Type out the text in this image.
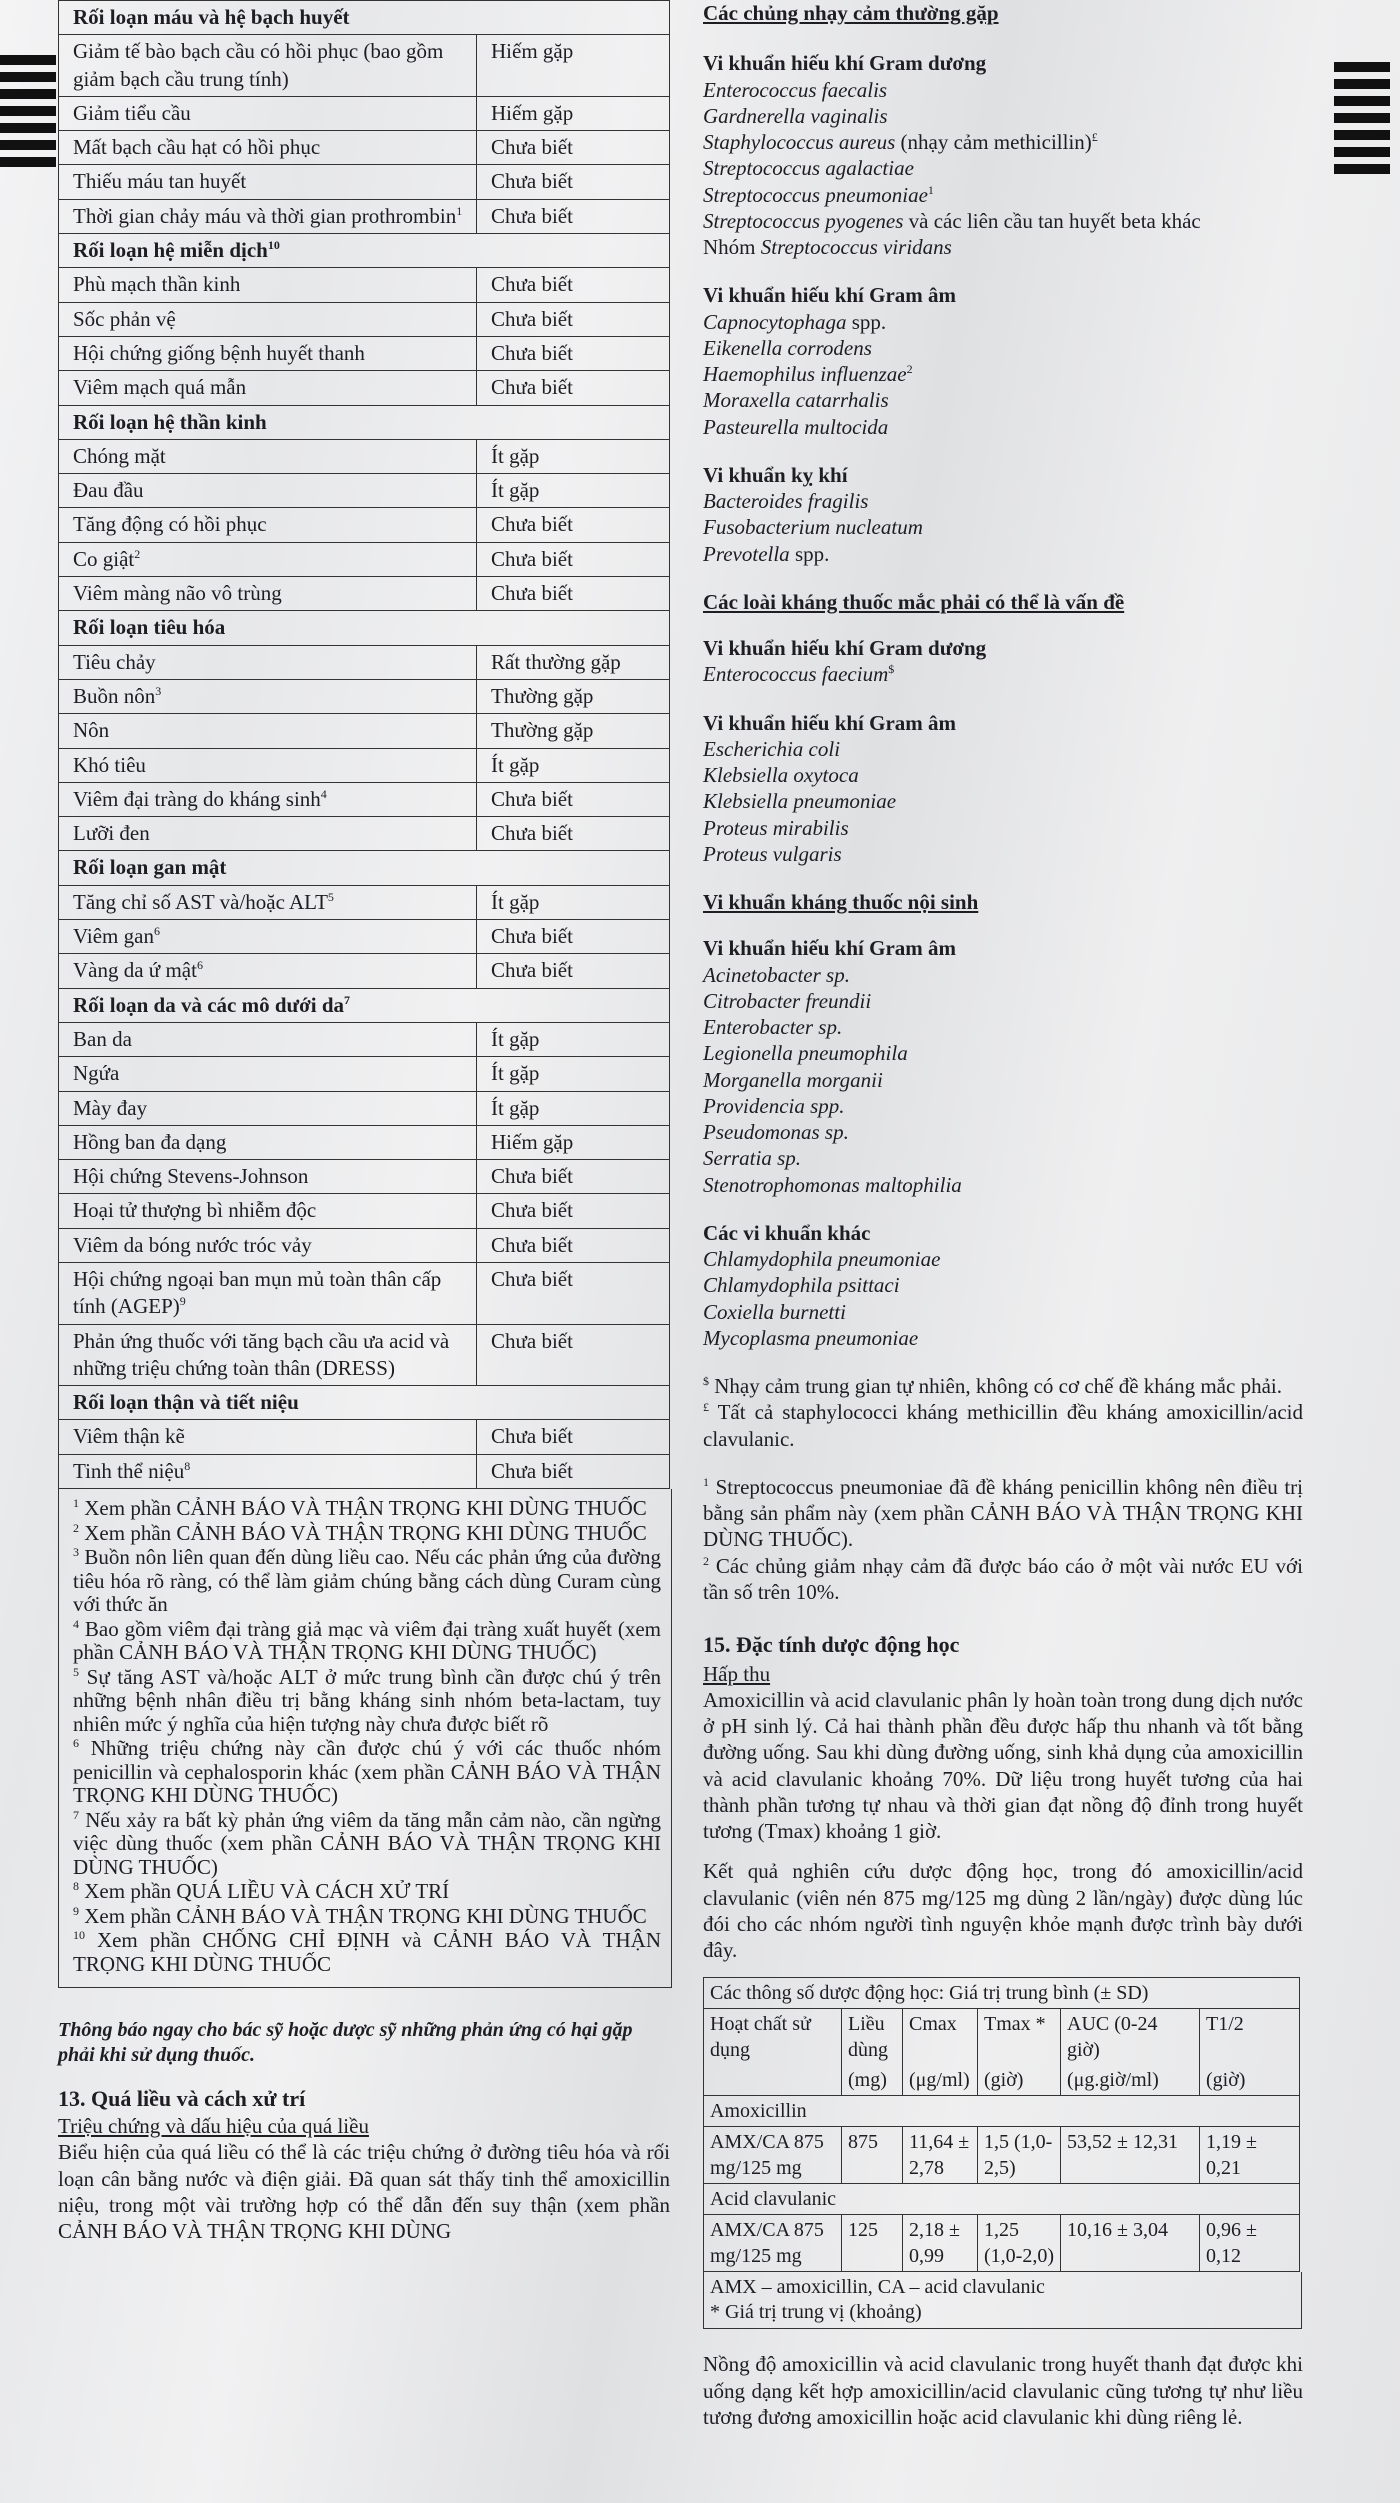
Rối loạn máu và hệ bạch huyết	
Giảm tế bào bạch cầu có hồi phục (bao gồm giảm bạch cầu trung tính)	Hiếm gặp
Giảm tiểu cầu	Hiếm gặp
Mất bạch cầu hạt có hồi phục	Chưa biết
Thiếu máu tan huyết	Chưa biết
Thời gian chảy máu và thời gian prothrombin$^1$	Chưa biết
Rối loạn hệ miễn dịch$^{10}$
Phù mạch thần kinh	Chưa biết
Sốc phản vệ	Chưa biết
Hội chứng giống bệnh huyết thanh	Chưa biết
Viêm mạch quá mẫn	Chưa biết
Rối loạn hệ thần kinh	
Chóng mặt	Ít gặp
Đau đầu	Ít gặp
Tăng động có hồi phục	Chưa biết
Co giật$^2$	Chưa biết
Viêm màng não vô trùng	Chưa biết
Rối loạn tiêu hóa	
Tiêu chảy	Rất thường gặp
Buồn nôn$^3$	Thường gặp
Nôn	Thường gặp
Khó tiêu	Ít gặp
Viêm đại tràng do kháng $\sinh^4$	Chưa biết
Lưỡi đen	Chưa biết
Rối loạn gan mật	
Tăng chỉ số AST và/hoặc ALT$^5$	Ít gặp
Viêm gan$^6$	Chưa biết
Vàng da ứ mật$^6$	Chưa biết
Rối loạn da và các mô dưới $da^7$
Ban da	Ít gặp
Ngứa	Ít gặp
Mày đay	Ít gặp
Hồng ban đa dạng	Hiếm gặp
Hội chứng Stevens-Johnson	Chưa biết
Hoại tử thượng bì nhiễm độc	Chưa biết
Viêm da bóng nước tróc vảy	Chưa biết
Hội chứng ngoại ban mụn mủ toàn thân cấp tính (AGEP)$^9$	Chưa biết
Phản ứng thuốc với tăng bạch cầu ưa acid và những triệu chứng toàn thân (DRESS)	Chưa biết
Rối loạn thận và tiết niệu	
Viêm thận kẽ	Chưa biết
Tinh thể niệu$^8$	Chưa biết
$^1$ Xem phần CẢNH BÁO VÀ THẬN TRỌNG KHI DÙNG THUỐC
$^2$ Xem phần CẢNH BÁO VÀ THẬN TRỌNG KHI DÙNG THUỐC
$^3$ Buồn nôn liên quan đến dùng liều cao. Nếu các phản ứng của đường tiêu hóa rõ ràng, có thể làm giảm chúng bằng cách dùng Curam cùng với thức ăn
$^4$ Bao gồm viêm đại tràng giả mạc và viêm đại tràng xuất huyết (xem phần CẢNH BÁO VÀ THẬN TRỌNG KHI DÙNG THUỐC)
$^5$ Sự tăng AST và/hoặc ALT ở mức trung bình cần được chú ý trên những bệnh nhân điều trị bằng kháng sinh nhóm beta-lactam, tuy nhiên mức ý nghĩa của hiện tượng này chưa được biết rõ
$^6$ Những triệu chứng này cần được chú ý với các thuốc nhóm penicillin và cephalosporin khác (xem phần CẢNH BÁO VÀ THẬN TRỌNG KHI DÙNG THUỐC)
$^7$ Nếu xảy ra bất kỳ phản ứng viêm da tăng mẫn cảm nào, cần ngừng việc dùng thuốc (xem phần CẢNH BÁO VÀ THẬN TRỌNG KHI DÙNG THUỐC)
$^8$ Xem phần QUÁ LIỀU VÀ CÁCH XỬ TRÍ
$^9$ Xem phần CẢNH BÁO VÀ THẬN TRỌNG KHI DÙNG THUỐC
$^{10}$ Xem phần CHỐNG CHỈ ĐỊNH và CẢNH BÁO VÀ THẬN TRỌNG KHI DÙNG THUỐC
Thông báo ngay cho bác sỹ hoặc dược sỹ những phản ứng có hại gặp phải khi sử dụng thuốc.
13. Quá liều và cách xử trí
Triệu chứng và dấu hiệu của quá liều
Biểu hiện của quá liều có thể là các triệu chứng ở đường tiêu hóa và rối loạn cân bằng nước và điện giải. Đã quan sát thấy tinh thể amoxicillin niệu, trong một vài trường hợp có thể dẫn đến suy thận (xem phần CẢNH BÁO VÀ THẬN TRỌNG KHI DÙNG
Các chủng nhạy cảm thường gặp
Vi khuẩn hiếu khí Gram dương
Enterococcus faecalis
Gardnerella vaginalis
Staphylococcus aureus (nhạy cảm methicillin)£
Streptococcus agalactiae
Streptococcus pneumoniae$^1$
Streptococcus pyogenes và các liên cầu tan huyết beta khác
Nhóm Streptococcus viridans
Vi khuẩn hiếu khí Gram âm
Capnocytophaga spp.
Eikenella corrodens
Haemophilus influenzae$^2$
Moraxella catarrhalis
Pasteurella multocida
Vi khuẩn kỵ khí
Bacteroides fragilis
Fusobacterium nucleatum
Prevotella spp.
Các loài kháng thuốc mắc phải có thể là vấn đề
Vi khuẩn hiếu khí Gram dương
Enterococcus faecium$
Vi khuẩn hiếu khí Gram âm
Escherichia coli
Klebsiella oxytoca
Klebsiella pneumoniae
Proteus mirabilis
Proteus vulgaris
Vi khuẩn kháng thuốc nội sinh
Vi khuẩn hiếu khí Gram âm
Acinetobacter sp.
Citrobacter freundii
Enterobacter sp.
Legionella pneumophila
Morganella morganii
Providencia spp.
Pseudomonas sp.
Serratia sp.
Stenotrophomonas maltophilia
Các vi khuẩn khác
Chlamydophila pneumoniae
Chlamydophila psittaci
Coxiella burnetti
Mycoplasma pneumoniae
$ Nhạy cảm trung gian tự nhiên, không có cơ chế đề kháng mắc phải.
£ Tất cả staphylococci kháng methicillin đều kháng amoxicillin/acid clavulanic.
$^1$ Streptococcus pneumoniae đã đề kháng penicillin không nên điều trị bằng sản phẩm này (xem phần CẢNH BÁO VÀ THẬN TRỌNG KHI DÙNG THUỐC).
$^2$ Các chủng giảm nhạy cảm đã được báo cáo ở một vài nước EU với tần số trên 10%.
15. Đặc tính dược động học
Hấp thu
Amoxicillin và acid clavulanic phân ly hoàn toàn trong dung dịch nước ở pH sinh lý. Cả hai thành phần đều được hấp thu nhanh và tốt bằng đường uống. Sau khi dùng đường uống, sinh khả dụng của amoxicillin và acid clavulanic khoảng 70%. Dữ liệu trong huyết tương của hai thành phần tương tự nhau và thời gian đạt nồng độ đỉnh trong huyết tương (Tmax) khoảng 1 giờ.
Kết quả nghiên cứu dược động học, trong đó amoxicillin/acid clavulanic (viên nén 875 mg/125 mg dùng 2 lần/ngày) được dùng lúc đói cho các nhóm người tình nguyện khỏe mạnh được trình bày dưới đây.
Các thông số dược động học: Giá trị trung bình (± SD)					
Hoạt chất sử dụng	Liều dùng	Cmax	Tmax *	AUC (0-24 giờ)	T1/2
	(mg)	(μg/ml)	(giờ)	(μg.giờ/ml)	(giờ)
Amoxicillin					
AMX/CA 875 mg/125 mg	875	11,64 ± 2,78	1,5 (1,0-2,5)	53,52 ± 12,31	1,19 ± 0,21
Acid clavulanic					
AMX/CA 875 mg/125 mg	125	2,18 ± 0,99	1,25 (1,0-2,0)	10,16 ± 3,04	0,96 ± 0,12
AMX – amoxicillin, CA – acid clavulanic
* Giá trị trung vị (khoảng)
Nồng độ amoxicillin và acid clavulanic trong huyết thanh đạt được khi uống dạng kết hợp amoxicillin/acid clavulanic cũng tương tự như liều tương đương amoxicillin hoặc acid clavulanic khi dùng riêng lẻ.
